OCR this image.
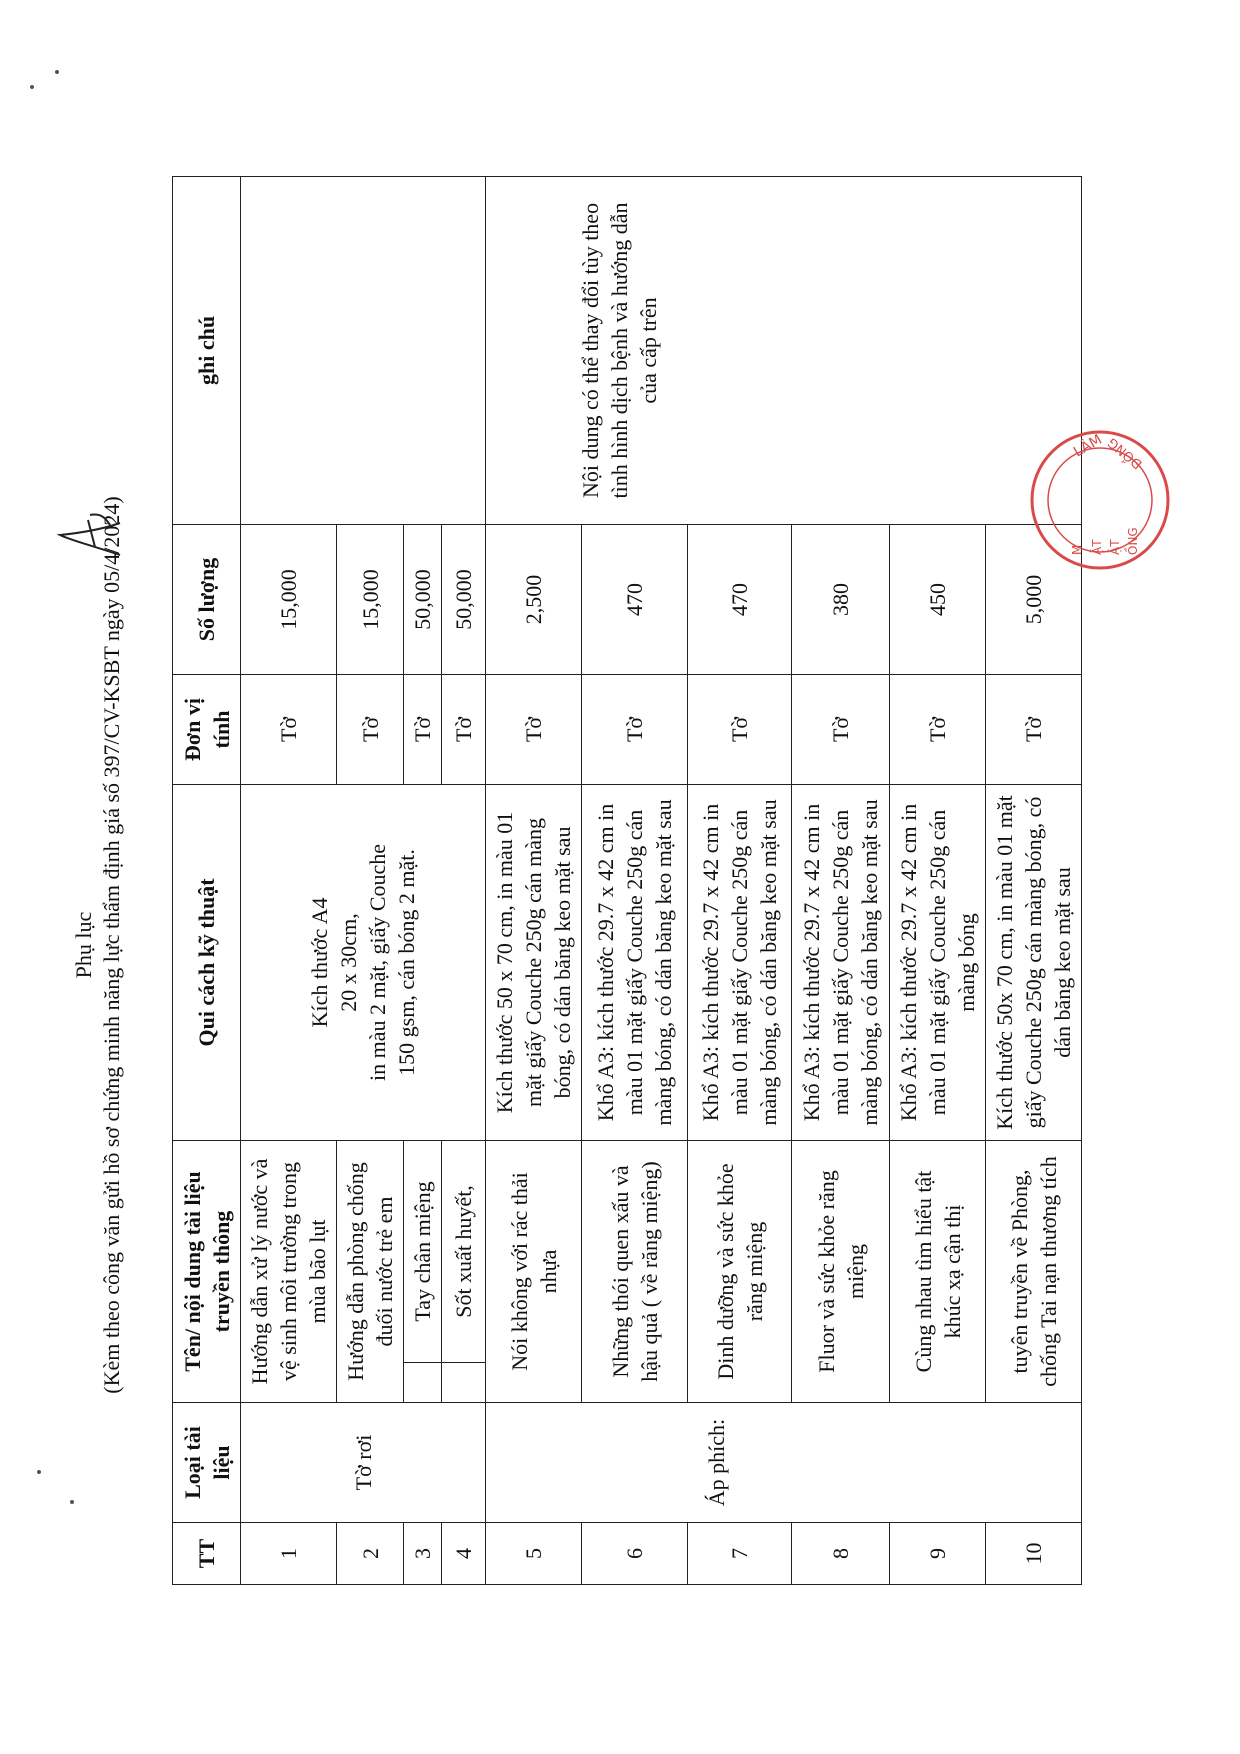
Phụ lục (Kèm theo công văn gửi hồ sơ chứng minh năng lực thẩm định giá số 397/CV-KSBT ngày 05/4/2024)
TT	Loại tài liệu	Tên/ nội dung tài liệu truyền thông		Qui cách kỹ thuật	Đơn vị tính	Số lượng	ghi chú
1	Tờ rơi	Hướng dẫn xử lý nước và vệ sinh môi trường trong mùa bão lụt		Kích thước A4 20 x 30cm, in màu 2 mặt, giấy Couche 150 gsm, cán bóng 2 mặt.	Tờ	15,000	
2		Hướng dẫn phòng chống đuối nước trẻ em			Tờ	15,000	
3			Tay chân miệng		Tờ	50,000	
4			Sốt xuất huyết,		Tờ	50,000	
5		Nói không với rác thải nhựa		Kích thước 50 x 70 cm, in màu 01 mặt giấy Couche 250g cán màng bóng, có dán băng keo mặt sau	Tờ	2,500	Nội dung có thể thay đổi tùy theo tình hình dịch bệnh và hướng dẫn của cấp trên
6	Áp phích:	Những thói quen xấu và hậu quả ( về răng miệng)		Khổ A3: kích thước 29.7 x 42 cm in màu 01 mặt giấy Couche 250g cán màng bóng, có dán băng keo mặt sau	Tờ	470	
7		Dinh dưỡng và sức khỏe răng miệng		Khổ A3: kích thước 29.7 x 42 cm in màu 01 mặt giấy Couche 250g cán màng bóng, có dán băng keo mặt sau	Tờ	470	
8		Fluor và sức khỏe răng miệng		Khổ A3: kích thước 29.7 x 42 cm in màu 01 mặt giấy Couche 250g cán màng bóng, có dán băng keo mặt sau	Tờ	380	
9		Cùng nhau tìm hiểu tật khúc xạ cận thị		Khổ A3: kích thước 29.7 x 42 cm in màu 01 mặt giấy Couche 250g cán màng bóng	Tờ	450	
10		tuyên truyền về Phòng, chống Tai nạn thương tích		Kích thước 50x 70 cm, in màu 01 mặt giấy Couche 250g cán màng bóng, có dán băng keo mặt sau	Tờ	5,000	
LÂM ĐỒNG
M ẬT ẬT ỒNG
